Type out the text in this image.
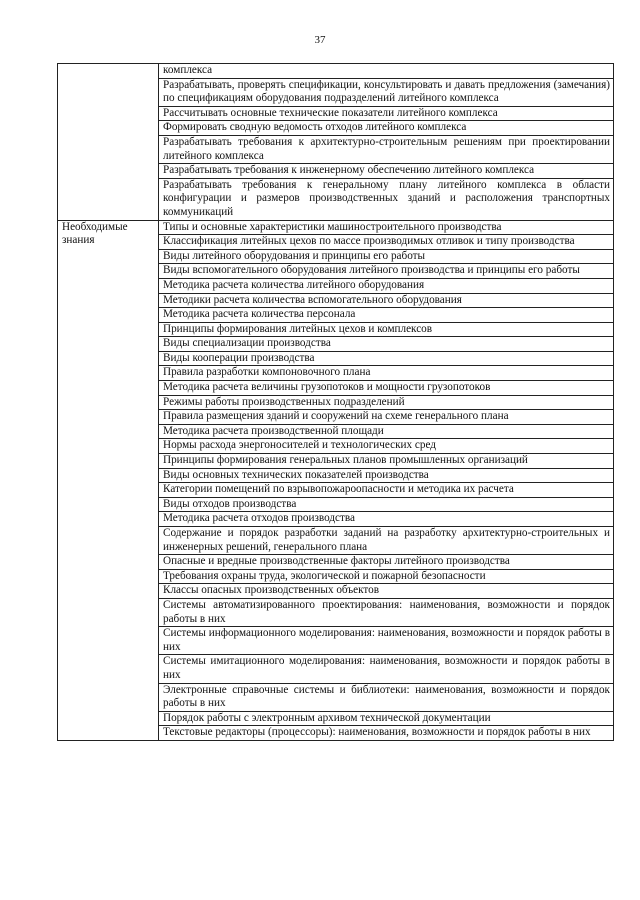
37
	комплекса
	Разрабатывать, проверять спецификации, консультировать и давать предложения (замечания) по спецификациям оборудования подразделений литейного комплекса
	Рассчитывать основные технические показатели литейного комплекса
	Формировать сводную ведомость отходов литейного комплекса
	Разрабатывать требования к архитектурно-строительным решениям при проектировании литейного комплекса
	Разрабатывать требования к инженерному обеспечению литейного комплекса
	Разрабатывать требования к генеральному плану литейного комплекса в области конфигурации и размеров производственных зданий и расположения транспортных коммуникаций
Необходимые знания	Типы и основные характеристики машиностроительного производства
	Классификация литейных цехов по массе производимых отливок и типу производства
	Виды литейного оборудования и принципы его работы
	Виды вспомогательного оборудования литейного производства и принципы его работы
	Методика расчета количества литейного оборудования
	Методики расчета количества вспомогательного оборудования
	Методика расчета количества персонала
	Принципы формирования литейных цехов и комплексов
	Виды специализации производства
	Виды кооперации производства
	Правила разработки компоновочного плана
	Методика расчета величины грузопотоков и мощности грузопотоков
	Режимы работы производственных подразделений
	Правила размещения зданий и сооружений на схеме генерального плана
	Методика расчета производственной площади
	Нормы расхода энергоносителей и технологических сред
	Принципы формирования генеральных планов промышленных организаций
	Виды основных технических показателей производства
	Категории помещений по взрывопожароопасности и методика их расчета
	Виды отходов производства
	Методика расчета отходов производства
	Содержание и порядок разработки заданий на разработку архитектурно-строительных и инженерных решений, генерального плана
	Опасные и вредные производственные факторы литейного производства
	Требования охраны труда, экологической и пожарной безопасности
	Классы опасных производственных объектов
	Системы автоматизированного проектирования: наименования, возможности и порядок работы в них
	Системы информационного моделирования: наименования, возможности и порядок работы в них
	Системы имитационного моделирования: наименования, возможности и порядок работы в них
	Электронные справочные системы и библиотеки: наименования, возможности и порядок работы в них
	Порядок работы с электронным архивом технической документации
	Текстовые редакторы (процессоры): наименования, возможности и порядок работы в них
